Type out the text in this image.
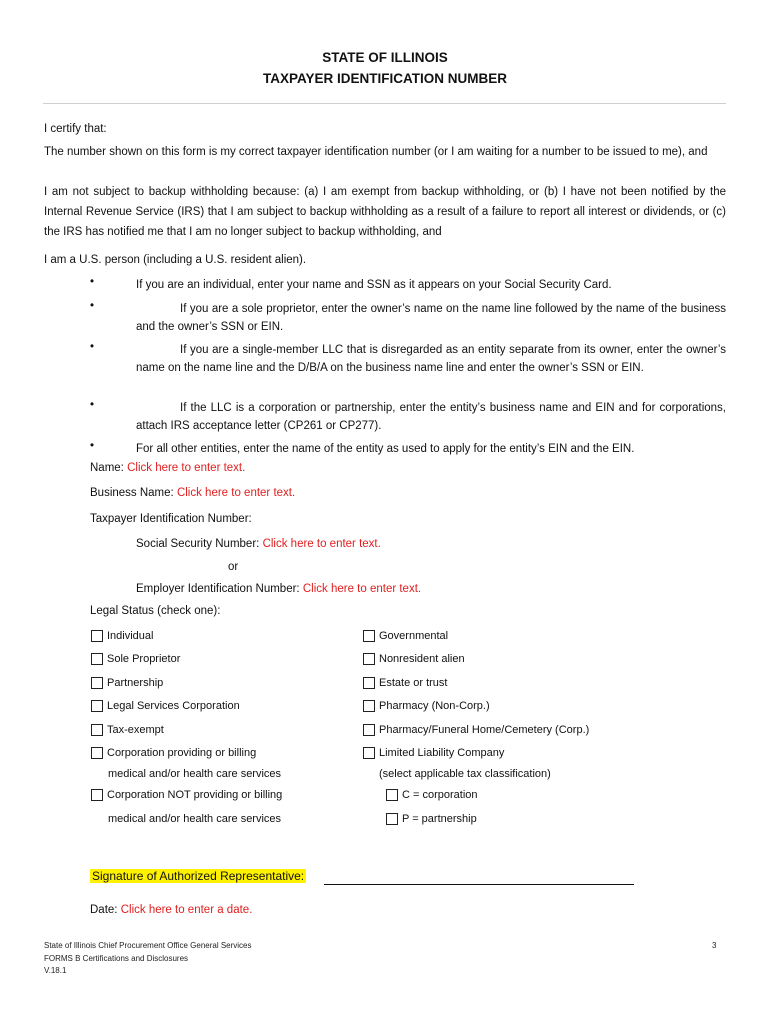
STATE OF ILLINOIS
TAXPAYER IDENTIFICATION NUMBER
I certify that:
The number shown on this form is my correct taxpayer identification number (or I am waiting for a number to be issued to me), and
I am not subject to backup withholding because: (a) I am exempt from backup withholding, or (b) I have not been notified by the Internal Revenue Service (IRS) that I am subject to backup withholding as a result of a failure to report all interest or dividends, or (c) the IRS has notified me that I am no longer subject to backup withholding, and
I am a U.S. person (including a U.S. resident alien).
•	If you are an individual, enter your name and SSN as it appears on your Social Security Card.
•	If you are a sole proprietor, enter the owner’s name on the name line followed by the name of the business and the owner’s SSN or EIN.
•	If you are a single-member LLC that is disregarded as an entity separate from its owner, enter the owner’s name on the name line and the D/B/A on the business name line and enter the owner’s SSN or EIN.
•	If the LLC is a corporation or partnership, enter the entity’s business name and EIN and for corporations, attach IRS acceptance letter (CP261 or CP277).
•	For all other entities, enter the name of the entity as used to apply for the entity’s EIN and the EIN.
Name: Click here to enter text.
Business Name: Click here to enter text.
Taxpayer Identification Number:
Social Security Number: Click here to enter text.
or
Employer Identification Number: Click here to enter text.
Legal Status (check one):
Individual
Sole Proprietor
Partnership
Legal Services Corporation
Tax-exempt
Corporation providing or billing
medical and/or health care services
Corporation NOT providing or billing
medical and/or health care services
Governmental
Nonresident alien
Estate or trust
Pharmacy (Non-Corp.)
Pharmacy/Funeral Home/Cemetery (Corp.)
Limited Liability Company
(select applicable tax classification)
C = corporation
P = partnership
Signature of Authorized Representative:
Date: Click here to enter a date.
State of Illinois Chief Procurement Office General Services
FORMS B Certifications and Disclosures
V.18.1
3
